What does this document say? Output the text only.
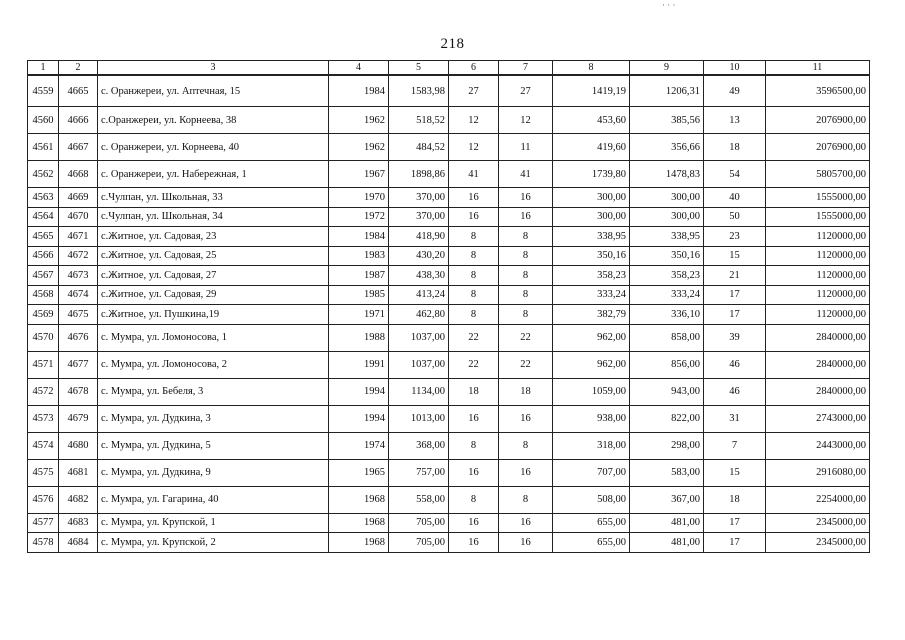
· · ·
218
1	2	3	4	5	6	7	8	9	10	11
4559	4665	с. Оранжереи, ул. Аптечная, 15	1984	1583,98	27	27	1419,19	1206,31	49	3596500,00
4560	4666	с.Оранжереи, ул. Корнеева, 38	1962	518,52	12	12	453,60	385,56	13	2076900,00
4561	4667	с. Оранжереи, ул. Корнеева, 40	1962	484,52	12	11	419,60	356,66	18	2076900,00
4562	4668	с. Оранжереи, ул. Набережная, 1	1967	1898,86	41	41	1739,80	1478,83	54	5805700,00
4563	4669	с.Чулпан, ул. Школьная, 33	1970	370,00	16	16	300,00	300,00	40	1555000,00
4564	4670	с.Чулпан, ул. Школьная, 34	1972	370,00	16	16	300,00	300,00	50	1555000,00
4565	4671	с.Житное, ул. Садовая, 23	1984	418,90	8	8	338,95	338,95	23	1120000,00
4566	4672	с.Житное, ул. Садовая, 25	1983	430,20	8	8	350,16	350,16	15	1120000,00
4567	4673	с.Житное, ул. Садовая, 27	1987	438,30	8	8	358,23	358,23	21	1120000,00
4568	4674	с.Житное, ул. Садовая, 29	1985	413,24	8	8	333,24	333,24	17	1120000,00
4569	4675	с.Житное, ул. Пушкина,19	1971	462,80	8	8	382,79	336,10	17	1120000,00
4570	4676	с. Мумра, ул. Ломоносова, 1	1988	1037,00	22	22	962,00	858,00	39	2840000,00
4571	4677	с. Мумра, ул. Ломоносова, 2	1991	1037,00	22	22	962,00	856,00	46	2840000,00
4572	4678	с. Мумра, ул. Бебеля, 3	1994	1134,00	18	18	1059,00	943,00	46	2840000,00
4573	4679	с. Мумра, ул. Дудкина, 3	1994	1013,00	16	16	938,00	822,00	31	2743000,00
4574	4680	с. Мумра, ул. Дудкина, 5	1974	368,00	8	8	318,00	298,00	7	2443000,00
4575	4681	с. Мумра, ул. Дудкина, 9	1965	757,00	16	16	707,00	583,00	15	2916080,00
4576	4682	с. Мумра, ул. Гагарина, 40	1968	558,00	8	8	508,00	367,00	18	2254000,00
4577	4683	с. Мумра, ул. Крупской, 1	1968	705,00	16	16	655,00	481,00	17	2345000,00
4578	4684	с. Мумра, ул. Крупской, 2	1968	705,00	16	16	655,00	481,00	17	2345000,00
